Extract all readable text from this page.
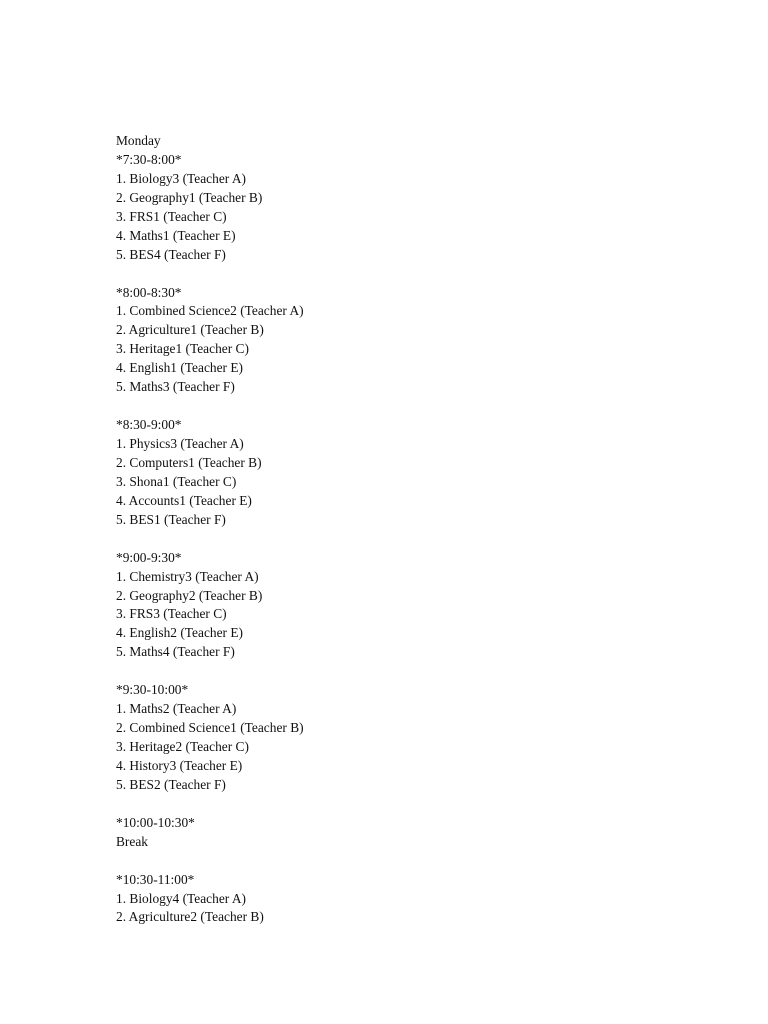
Monday
*7:30-8:00*
1. Biology3 (Teacher A)
2. Geography1 (Teacher B)
3. FRS1 (Teacher C)
4. Maths1 (Teacher E)
5. BES4 (Teacher F)
*8:00-8:30*
1. Combined Science2 (Teacher A)
2. Agriculture1 (Teacher B)
3. Heritage1 (Teacher C)
4. English1 (Teacher E)
5. Maths3 (Teacher F)
*8:30-9:00*
1. Physics3 (Teacher A)
2. Computers1 (Teacher B)
3. Shona1 (Teacher C)
4. Accounts1 (Teacher E)
5. BES1 (Teacher F)
*9:00-9:30*
1. Chemistry3 (Teacher A)
2. Geography2 (Teacher B)
3. FRS3 (Teacher C)
4. English2 (Teacher E)
5. Maths4 (Teacher F)
*9:30-10:00*
1. Maths2 (Teacher A)
2. Combined Science1 (Teacher B)
3. Heritage2 (Teacher C)
4. History3 (Teacher E)
5. BES2 (Teacher F)
*10:00-10:30*
Break
*10:30-11:00*
1. Biology4 (Teacher A)
2. Agriculture2 (Teacher B)
